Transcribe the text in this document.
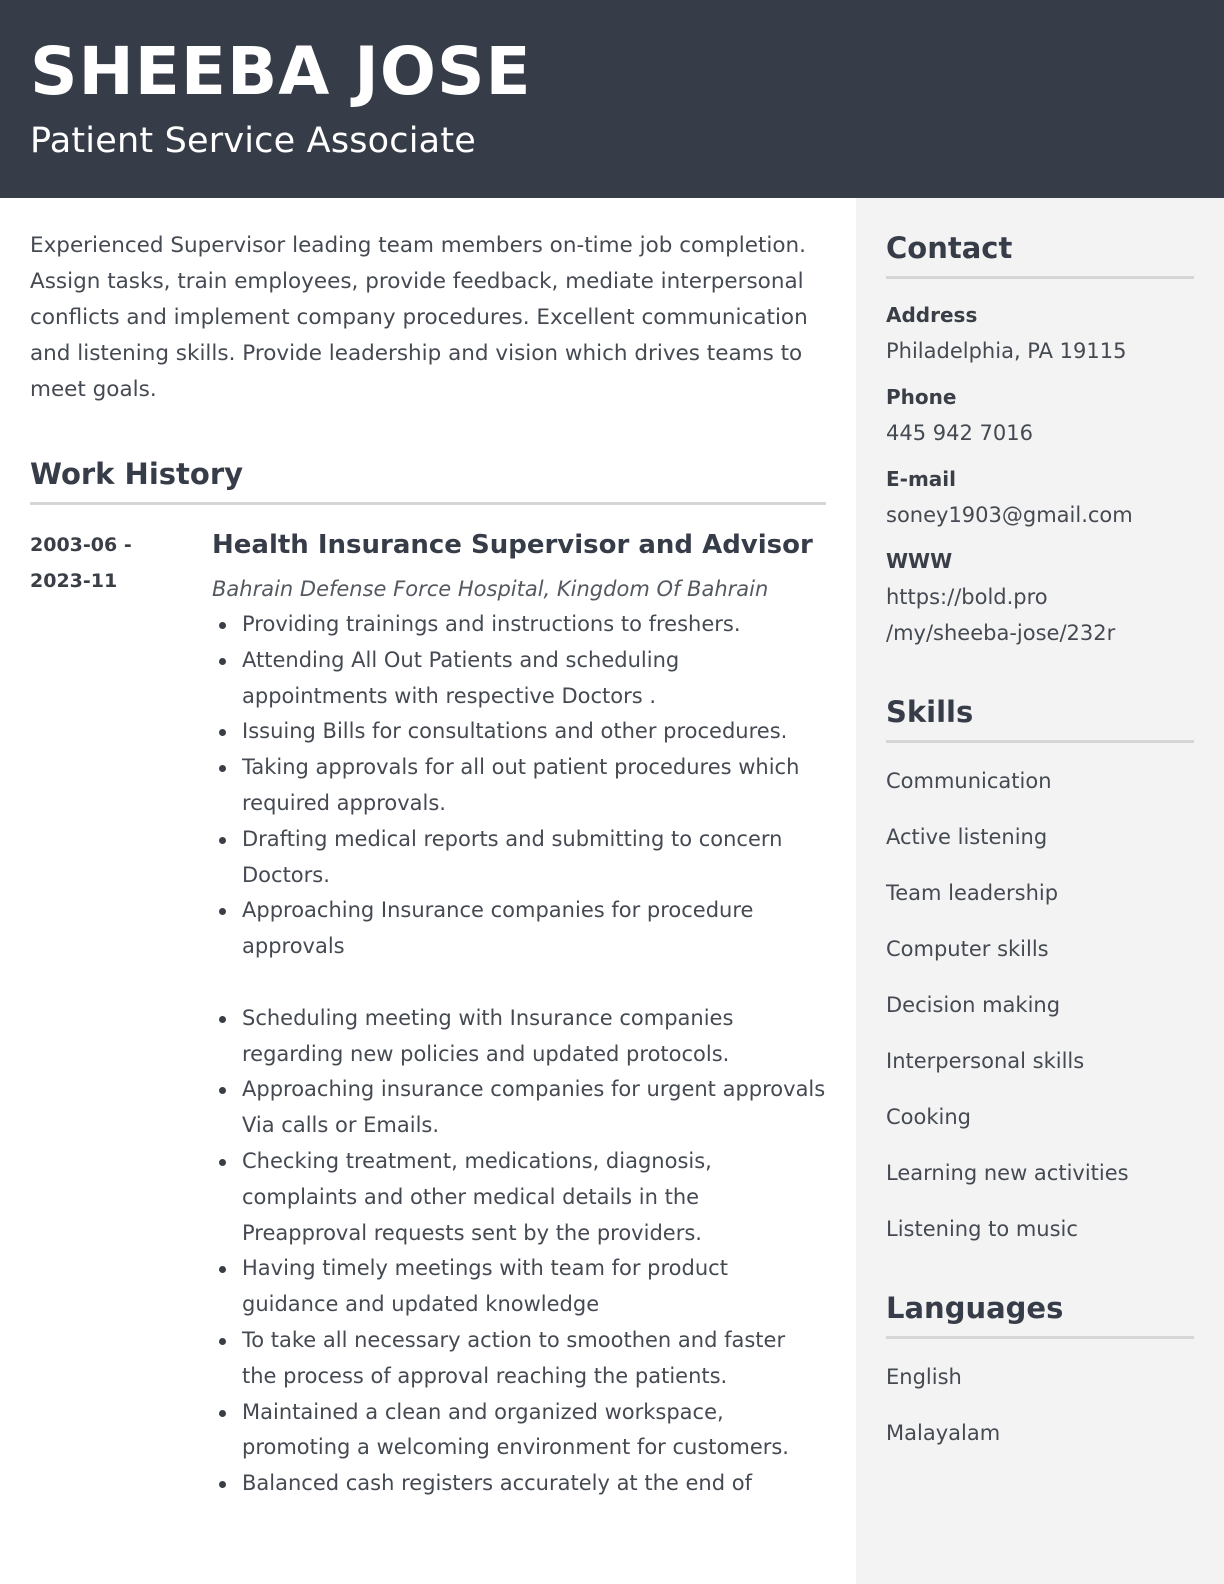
SHEEBA JOSE
Patient Service Associate

Experienced Supervisor leading team members on-time job completion. Assign tasks, train employees, provide feedback, mediate interpersonal conflicts and implement company procedures. Excellent communication and listening skills. Provide leadership and vision which drives teams to meet goals.

Work History
2003-06 -
2023-11
Health Insurance Supervisor and Advisor
Bahrain Defense Force Hospital, Kingdom Of Bahrain
Providing trainings and instructions to freshers.
Attending All Out Patients and scheduling appointments with respective Doctors .
Issuing Bills for consultations and other procedures.
Taking approvals for all out patient procedures which required approvals.
Drafting medical reports and submitting to concern Doctors.
Approaching Insurance companies for procedure approvals
Scheduling meeting with Insurance companies regarding new policies and updated protocols.
Approaching insurance companies for urgent approvals Via calls or Emails.
Checking treatment, medications, diagnosis, complaints and other medical details in the Preapproval requests sent by the providers.
Having timely meetings with team for product guidance and updated knowledge
To take all necessary action to smoothen and faster the process of approval reaching the patients.
Maintained a clean and organized workspace, promoting a welcoming environment for customers.
Balanced cash registers accurately at the end of
Contact
Address
Philadelphia, PA 19115
Phone
445 942 7016
E-mail
soney1903@gmail.com
WWW
https://bold.pro
/my/sheeba-jose/232r
Skills
Communication
Active listening
Team leadership
Computer skills
Decision making
Interpersonal skills
Cooking
Learning new activities
Listening to music
Languages
English
Malayalam
